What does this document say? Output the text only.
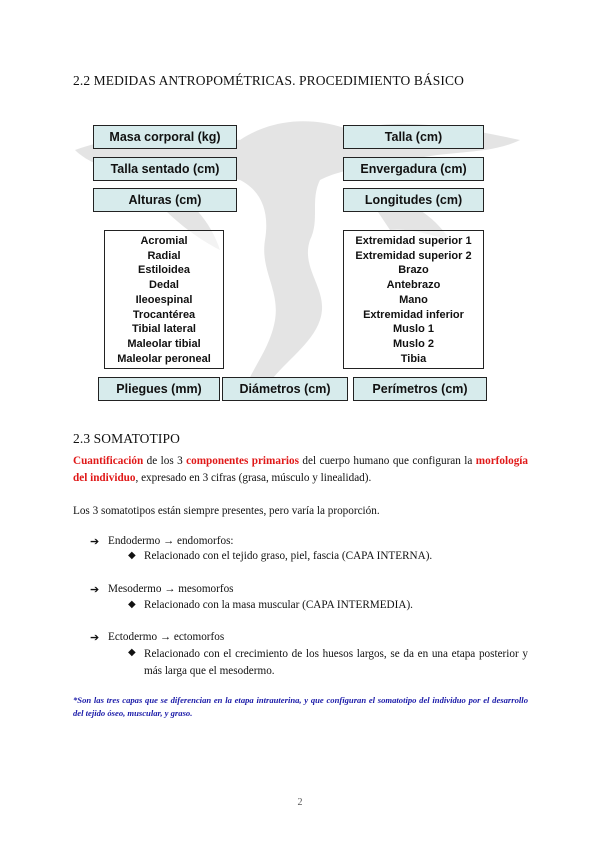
2.2 MEDIDAS ANTROPOMÉTRICAS. PROCEDIMIENTO BÁSICO
Masa corporal (kg)
Talla sentado (cm)
Alturas (cm)
Talla (cm)
Envergadura (cm)
Longitudes (cm)
Acromial
Radial
Estiloidea
Dedal
Ileoespinal
Trocantérea
Tibial lateral
Maleolar tibial
Maleolar peroneal
Extremidad superior 1
Extremidad superior 2
Brazo
Antebrazo
Mano
Extremidad inferior
Muslo 1
Muslo 2
Tibia
Pliegues (mm)	Diámetros (cm)	Perímetros (cm)
2.3 SOMATOTIPO
Cuantificación de los 3 componentes primarios del cuerpo humano que configuran la morfología del individuo, expresado en 3 cifras (grasa, músculo y linealidad).
Los 3 somatotipos están siempre presentes, pero varía la proporción.
➔ Endodermo → endomorfos:
◆ Relacionado con el tejido graso, piel, fascia (CAPA INTERNA).
➔ Mesodermo → mesomorfos
◆ Relacionado con la masa muscular (CAPA INTERMEDIA).
➔ Ectodermo → ectomorfos
◆ Relacionado con el crecimiento de los huesos largos, se da en una etapa posterior y más larga que el mesodermo.
*Son las tres capas que se diferencian en la etapa intrauterina, y que configuran el somatotipo del individuo por el desarrollo del tejido óseo, muscular, y graso.
2
